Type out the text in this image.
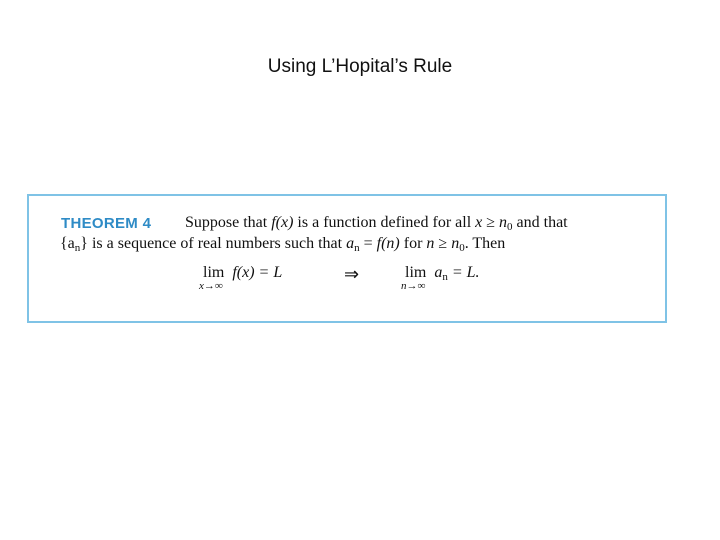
Using L’Hopital’s Rule
THEOREM 4 Suppose that f(x) is a function defined for all $x \ge n_0$ and that
$\{a_n\}$ is a sequence of real numbers such that $a_n = f(n)$ for $n \ge n_0$. Then
lim
x→∞
f(x) = L	⇒	lim
n→∞
$a_n = L$.
